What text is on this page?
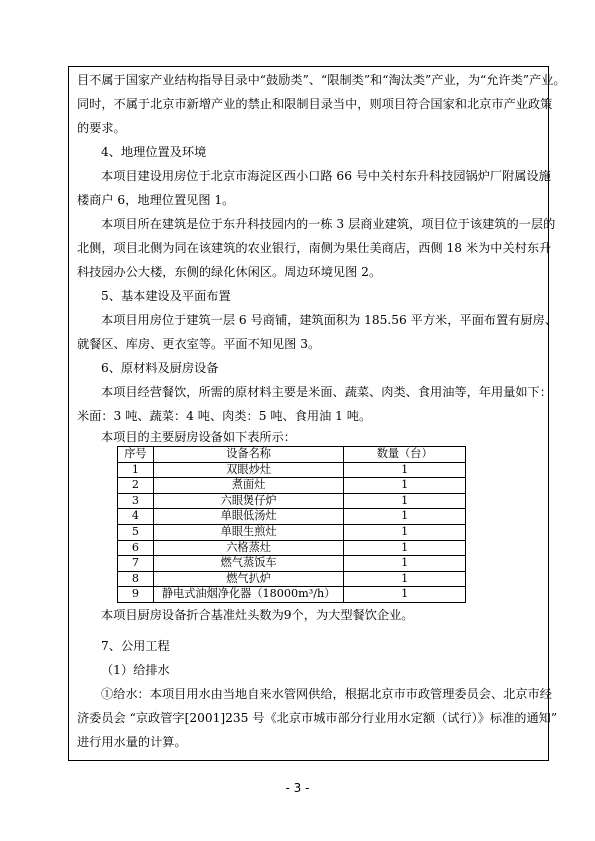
目不属于国家产业结构指导目录中“鼓励类”、“限制类”和“淘汰类”产业，为“允许类”产业。
同时，不属于北京市新增产业的禁止和限制目录当中，则项目符合国家和北京市产业政策
的要求。
4、地理位置及环境
本项目建设用房位于北京市海淀区西小口路 66 号中关村东升科技园锅炉厂附属设施
楼商户 6，地理位置见图 1。
本项目所在建筑是位于东升科技园内的一栋 3 层商业建筑，项目位于该建筑的一层的
北侧，项目北侧为同在该建筑的农业银行，南侧为果仕美商店，西侧 18 米为中关村东升
科技园办公大楼，东侧的绿化休闲区。周边环境见图 2。
5、基本建设及平面布置
本项目用房位于建筑一层 6 号商铺，建筑面积为 185.56 平方米，平面布置有厨房、
就餐区、库房、更衣室等。平面不知见图 3。
6、原材料及厨房设备
本项目经营餐饮，所需的原材料主要是米面、蔬菜、肉类、食用油等，年用量如下：
米面：3 吨、蔬菜：4 吨、肉类：5 吨、食用油 1 吨。
本项目的主要厨房设备如下表所示：
序号	设备名称	数量（台）
1	双眼炒灶	1
2	煮面灶	1
3	六眼煲仔炉	1
4	单眼低汤灶	1
5	单眼生煎灶	1
6	六格蒸灶	1
7	燃气蒸饭车	1
8	燃气扒炉	1
9	静电式油烟净化器（18000m³/h）	1
本项目厨房设备折合基准灶头数为9个，为大型餐饮企业。
7、公用工程
（1）给排水
①给水：本项目用水由当地自来水管网供给，根据北京市市政管理委员会、北京市经
济委员会 “京政管字[2001]235 号《北京市城市部分行业用水定额（试行）》标准的通知”
进行用水量的计算。
- 3 -
